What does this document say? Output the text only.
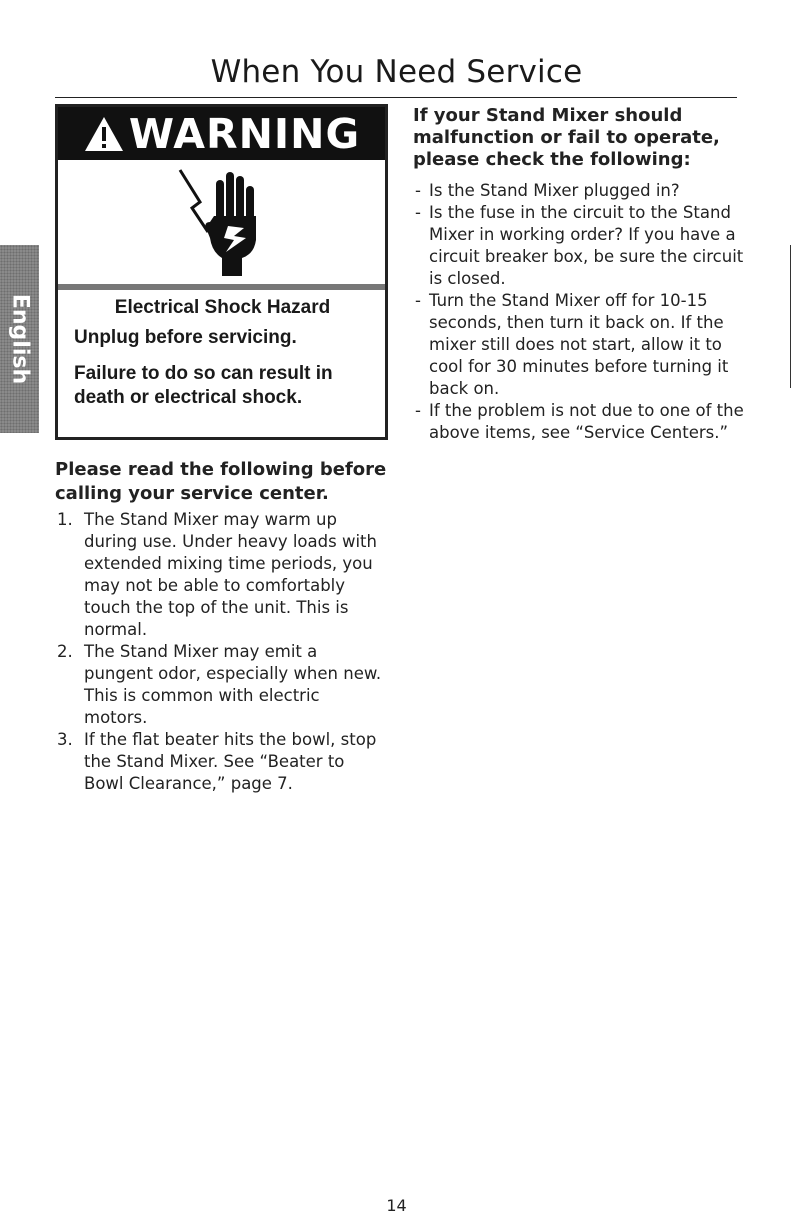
When You Need Service
English
WARNING
Electrical Shock Hazard
Unplug before servicing.
Failure to do so can result in death or electrical shock.
Please read the following before calling your service center.
1. The Stand Mixer may warm up during use. Under heavy loads with extended mixing time periods, you may not be able to comfortably touch the top of the unit. This is normal.
2. The Stand Mixer may emit a pungent odor, especially when new. This is common with electric motors.
3. If the flat beater hits the bowl, stop the Stand Mixer. See “Beater to Bowl Clearance,” page 7.
If your Stand Mixer should malfunction or fail to operate, please check the following:
- Is the Stand Mixer plugged in?
- Is the fuse in the circuit to the Stand Mixer in working order? If you have a circuit breaker box, be sure the circuit is closed.
- Turn the Stand Mixer off for 10-15 seconds, then turn it back on. If the mixer still does not start, allow it to cool for 30 minutes before turning it back on.
- If the problem is not due to one of the above items, see “Service Centers.”
14
